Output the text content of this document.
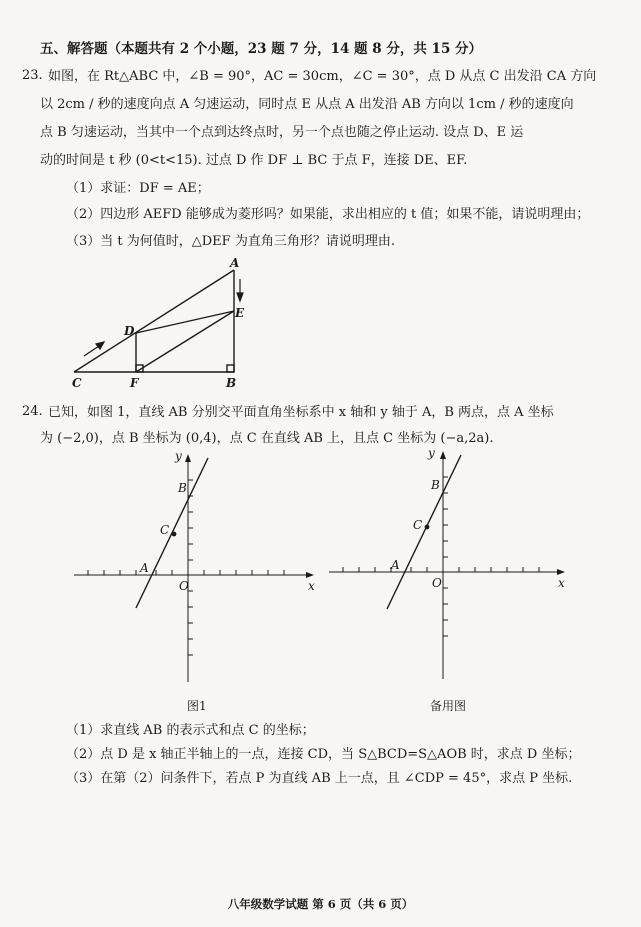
五、解答题（本题共有 2 个小题，23 题 7 分，14 题 8 分，共 15 分）
23. 如图，在 Rt△ABC 中，∠B = 90°，AC = 30cm，∠C = 30°，点 D 从点 C 出发沿 CA 方向
以 2cm / 秒的速度向点 A 匀速运动，同时点 E 从点 A 出发沿 AB 方向以 1cm / 秒的速度向
点 B 匀速运动，当其中一个点到达终点时，另一个点也随之停止运动. 设点 D、E 运
动的时间是 t 秒 (0<t<15). 过点 D 作 DF ⊥ BC 于点 F，连接 DE、EF.
（1）求证：DF = AE；
（2）四边形 AEFD 能够成为菱形吗？如果能，求出相应的 t 值；如果不能，请说明理由；
（3）当 t 为何值时，△DEF 为直角三角形？请说明理由.
A
B
C
D
E
F
24. 已知，如图 1，直线 AB 分别交平面直角坐标系中 x 轴和 y 轴于 A，B 两点，点 A 坐标
为 (−2,0)，点 B 坐标为 (0,4)，点 C 在直线 AB 上，且点 C 坐标为 (−a,2a).
y
x
O
A
B
C
图1
y
x
O
A
B
C
备用图
（1）求直线 AB 的表示式和点 C 的坐标；
（2）点 D 是 x 轴正半轴上的一点，连接 CD，当 S△BCD=S△AOB 时，求点 D 坐标；
（3）在第（2）问条件下，若点 P 为直线 AB 上一点，且 ∠CDP = 45°，求点 P 坐标.
八年级数学试题 第 6 页（共 6 页）
